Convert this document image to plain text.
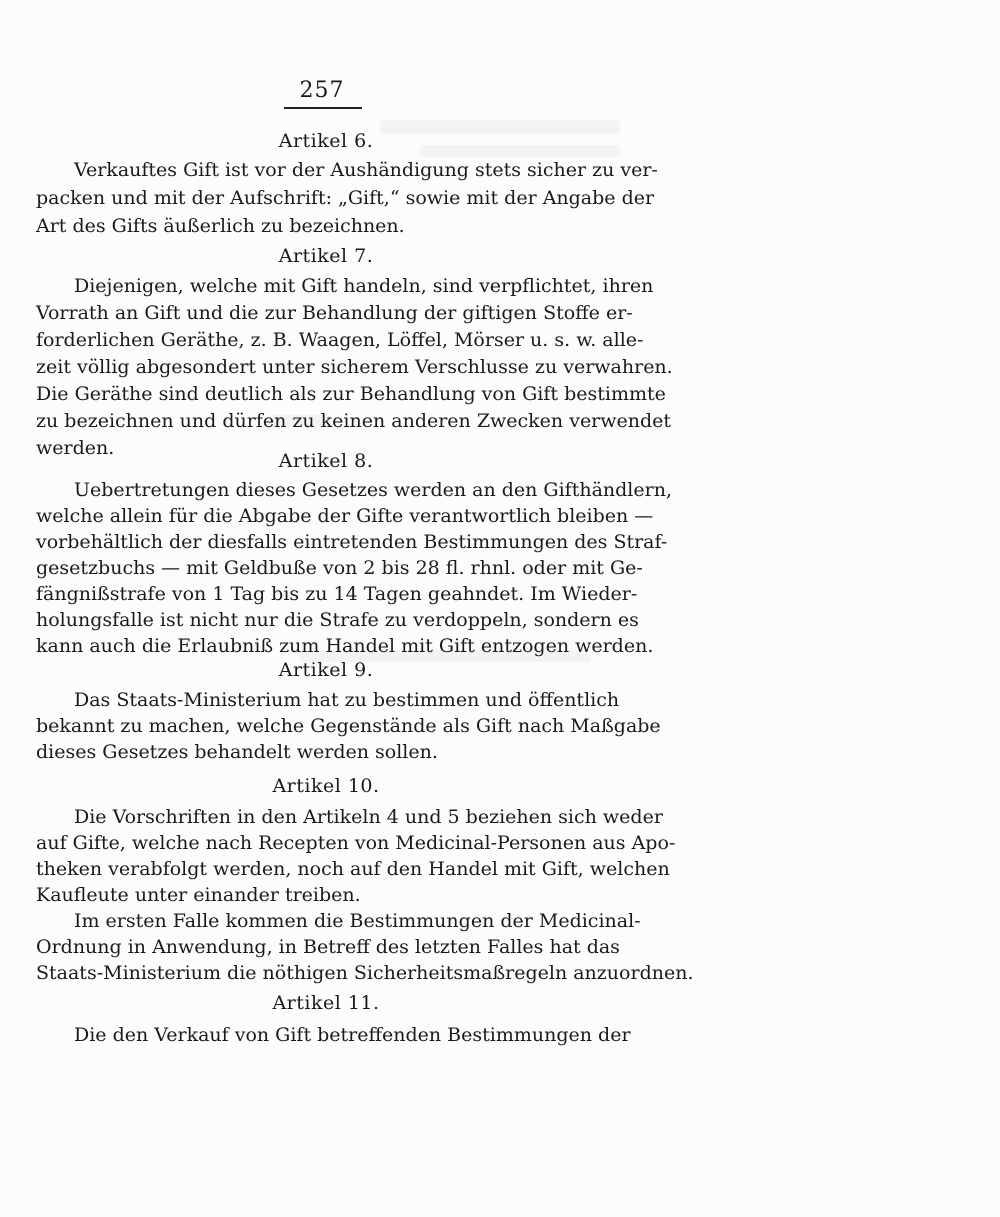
257
Artikel 6.
Verkauftes Gift ist vor der Aushändigung stets sicher zu ver-
packen und mit der Aufschrift: „Gift,“ sowie mit der Angabe der
Art des Gifts äußerlich zu bezeichnen.
Artikel 7.
Diejenigen, welche mit Gift handeln, sind verpflichtet, ihren
Vorrath an Gift und die zur Behandlung der giftigen Stoffe er-
forderlichen Geräthe, z. B. Waagen, Löffel, Mörser u. s. w. alle-
zeit völlig abgesondert unter sicherem Verschlusse zu verwahren.
Die Geräthe sind deutlich als zur Behandlung von Gift bestimmte
zu bezeichnen und dürfen zu keinen anderen Zwecken verwendet
werden.
Artikel 8.
Uebertretungen dieses Gesetzes werden an den Gifthändlern,
welche allein für die Abgabe der Gifte verantwortlich bleiben —
vorbehältlich der diesfalls eintretenden Bestimmungen des Straf-
gesetzbuchs — mit Geldbuße von 2 bis 28 fl. rhnl. oder mit Ge-
fängnißstrafe von 1 Tag bis zu 14 Tagen geahndet. Im Wieder-
holungsfalle ist nicht nur die Strafe zu verdoppeln, sondern es
kann auch die Erlaubniß zum Handel mit Gift entzogen werden.
Artikel 9.
Das Staats-Ministerium hat zu bestimmen und öffentlich
bekannt zu machen, welche Gegenstände als Gift nach Maßgabe
dieses Gesetzes behandelt werden sollen.
Artikel 10.
Die Vorschriften in den Artikeln 4 und 5 beziehen sich weder
auf Gifte, welche nach Recepten von Medicinal-Personen aus Apo-
theken verabfolgt werden, noch auf den Handel mit Gift, welchen
Kaufleute unter einander treiben.
Im ersten Falle kommen die Bestimmungen der Medicinal-
Ordnung in Anwendung, in Betreff des letzten Falles hat das
Staats-Ministerium die nöthigen Sicherheitsmaßregeln anzuordnen.
Artikel 11.
Die den Verkauf von Gift betreffenden Bestimmungen der
